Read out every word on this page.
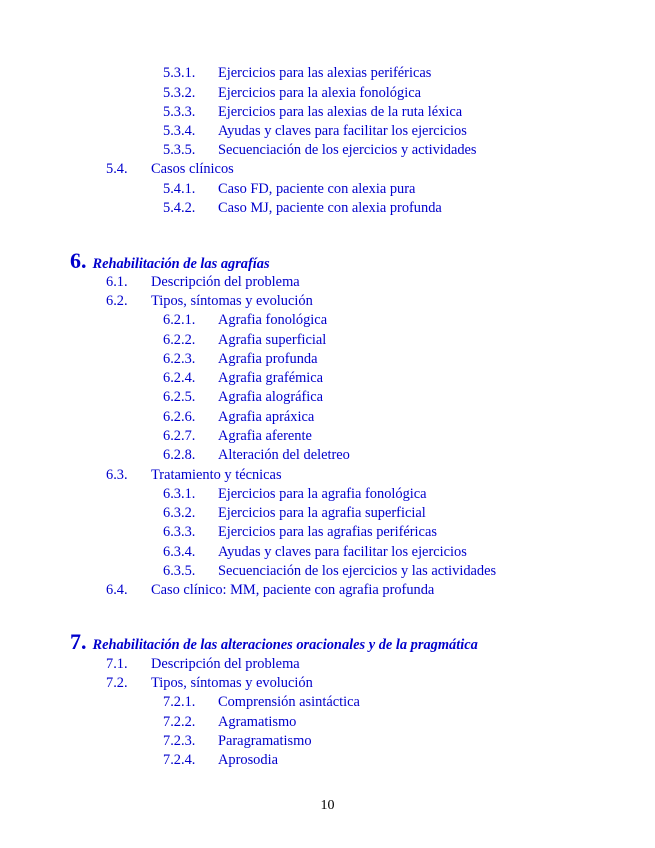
5.3.1. Ejercicios para las alexias periféricas
5.3.2. Ejercicios para la alexia fonológica
5.3.3. Ejercicios para las alexias de la ruta léxica
5.3.4. Ayudas y claves para facilitar los ejercicios
5.3.5. Secuenciación de los ejercicios y actividades
5.4. Casos clínicos
5.4.1. Caso FD, paciente con alexia pura
5.4.2. Caso MJ, paciente con alexia profunda
6. Rehabilitación de las agrafías
6.1. Descripción del problema
6.2. Tipos, síntomas y evolución
6.2.1. Agrafia fonológica
6.2.2. Agrafia superficial
6.2.3. Agrafia profunda
6.2.4. Agrafia grafémica
6.2.5. Agrafia alográfica
6.2.6. Agrafia apráxica
6.2.7. Agrafia aferente
6.2.8. Alteración del deletreo
6.3. Tratamiento y técnicas
6.3.1. Ejercicios para la agrafia fonológica
6.3.2. Ejercicios para la agrafia superficial
6.3.3. Ejercicios para las agrafias periféricas
6.3.4. Ayudas y claves para facilitar los ejercicios
6.3.5. Secuenciación de los ejercicios y las actividades
6.4. Caso clínico: MM, paciente con agrafia profunda
7. Rehabilitación de las alteraciones oracionales y de la pragmática
7.1. Descripción del problema
7.2. Tipos, síntomas y evolución
7.2.1. Comprensión asintáctica
7.2.2. Agramatismo
7.2.3. Paragramatismo
7.2.4. Aprosodia
10
